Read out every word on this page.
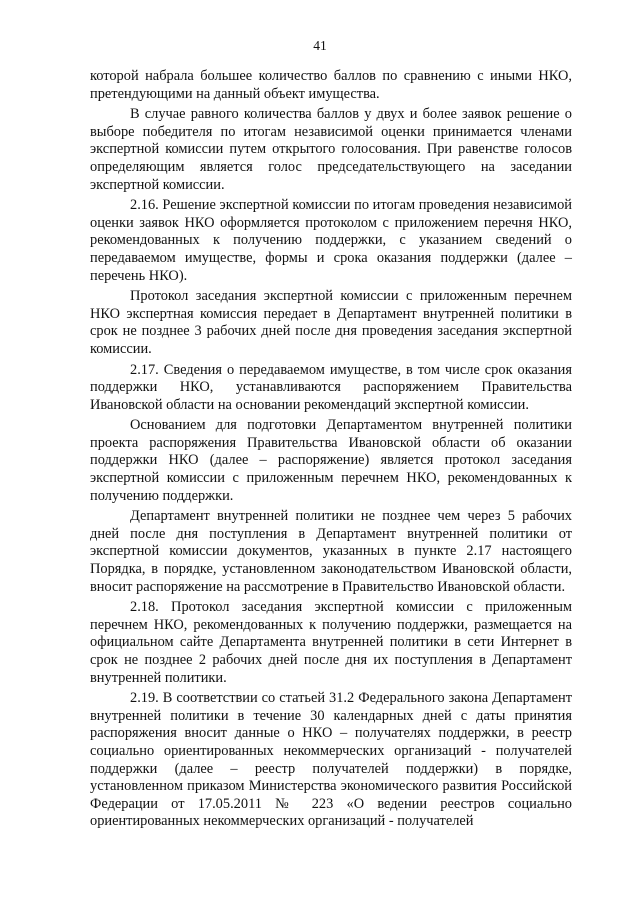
41

которой набрала большее количество баллов по сравнению с иными НКО, претендующими на данный объект имущества.

В случае равного количества баллов у двух и более заявок решение о выборе победителя по итогам независимой оценки принимается членами экспертной комиссии путем открытого голосования. При равенстве голосов определяющим является голос председательствующего на заседании экспертной комиссии.

2.16. Решение экспертной комиссии по итогам проведения независимой оценки заявок НКО оформляется протоколом с приложением перечня НКО, рекомендованных к получению поддержки, с указанием сведений о передаваемом имуществе, формы и срока оказания поддержки (далее – перечень НКО).

Протокол заседания экспертной комиссии с приложенным перечнем НКО экспертная комиссия передает в Департамент внутренней политики в срок не позднее 3 рабочих дней после дня проведения заседания экспертной комиссии.

2.17. Сведения о передаваемом имуществе, в том числе срок оказания поддержки НКО, устанавливаются распоряжением Правительства Ивановской области на основании рекомендаций экспертной комиссии.

Основанием для подготовки Департаментом внутренней политики проекта распоряжения Правительства Ивановской области об оказании поддержки НКО (далее – распоряжение) является протокол заседания экспертной комиссии с приложенным перечнем НКО, рекомендованных к получению поддержки.

Департамент внутренней политики не позднее чем через 5 рабочих дней после дня поступления в Департамент внутренней политики от экспертной комиссии документов, указанных в пункте 2.17 настоящего Порядка, в порядке, установленном законодательством Ивановской области, вносит распоряжение на рассмотрение в Правительство Ивановской области.

2.18. Протокол заседания экспертной комиссии с приложенным перечнем НКО, рекомендованных к получению поддержки, размещается на официальном сайте Департамента внутренней политики в сети Интернет в срок не позднее 2 рабочих дней после дня их поступления в Департамент внутренней политики.

2.19. В соответствии со статьей 31.2 Федерального закона Департамент внутренней политики в течение 30 календарных дней с даты принятия распоряжения вносит данные о НКО – получателях поддержки, в реестр социально ориентированных некоммерческих организаций - получателей поддержки (далее – реестр получателей поддержки) в порядке, установленном приказом Министерства экономического развития Российской Федерации от 17.05.2011 № 223 «О ведении реестров социально ориентированных некоммерческих организаций - получателей
